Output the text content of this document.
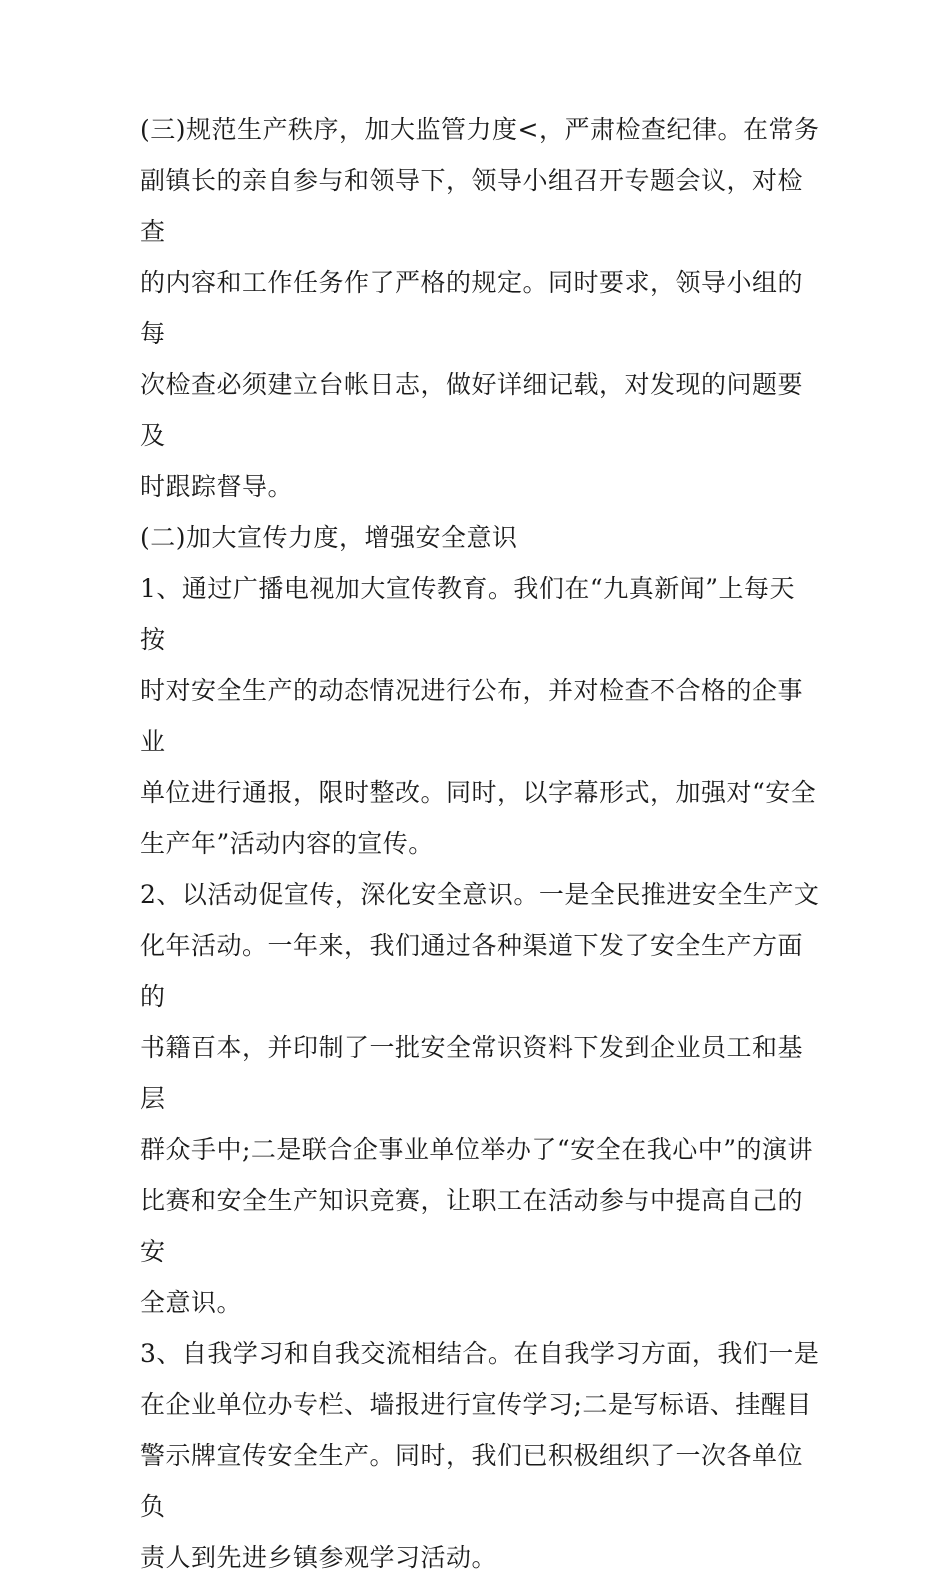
(三)规范生产秩序，加大监管力度<，严肃检查纪律。在常务
副镇长的亲自参与和领导下，领导小组召开专题会议，对检查
的内容和工作任务作了严格的规定。同时要求，领导小组的每
次检查必须建立台帐日志，做好详细记载，对发现的问题要及
时跟踪督导。

(二)加大宣传力度，增强安全意识

1、通过广播电视加大宣传教育。我们在“九真新闻”上每天按
时对安全生产的动态情况进行公布，并对检查不合格的企事业
单位进行通报，限时整改。同时，以字幕形式，加强对“安全
生产年”活动内容的宣传。

2、以活动促宣传，深化安全意识。一是全民推进安全生产文
化年活动。一年来，我们通过各种渠道下发了安全生产方面的
书籍百本，并印制了一批安全常识资料下发到企业员工和基层
群众手中;二是联合企事业单位举办了“安全在我心中”的演讲
比赛和安全生产知识竞赛，让职工在活动参与中提高自己的安
全意识。

3、自我学习和自我交流相结合。在自我学习方面，我们一是
在企业单位办专栏、墙报进行宣传学习;二是写标语、挂醒目
警示牌宣传安全生产。同时，我们已积极组织了一次各单位负
责人到先进乡镇参观学习活动。
